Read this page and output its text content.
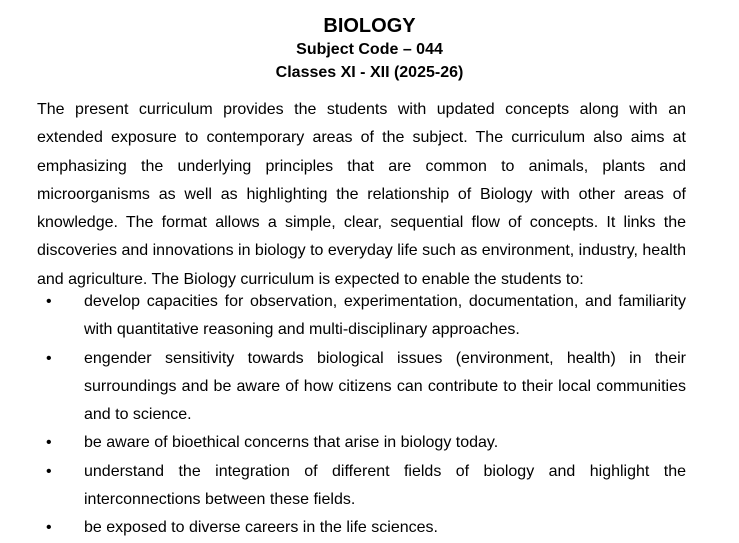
BIOLOGY
Subject Code – 044
Classes XI - XII (2025-26)

The present curriculum provides the students with updated concepts along with an extended exposure to contemporary areas of the subject. The curriculum also aims at emphasizing the underlying principles that are common to animals, plants and microorganisms as well as highlighting the relationship of Biology with other areas of knowledge. The format allows a simple, clear, sequential flow of concepts. It links the discoveries and innovations in biology to everyday life such as environment, industry, health and agriculture. The Biology curriculum is expected to enable the students to:

•	develop capacities for observation, experimentation, documentation, and familiarity with quantitative reasoning and multi-disciplinary approaches.
•	engender sensitivity towards biological issues (environment, health) in their surroundings and be aware of how citizens can contribute to their local communities and to science.
•	be aware of bioethical concerns that arise in biology today.
•	understand the integration of different fields of biology and highlight the interconnections between these fields.
•	be exposed to diverse careers in the life sciences.
